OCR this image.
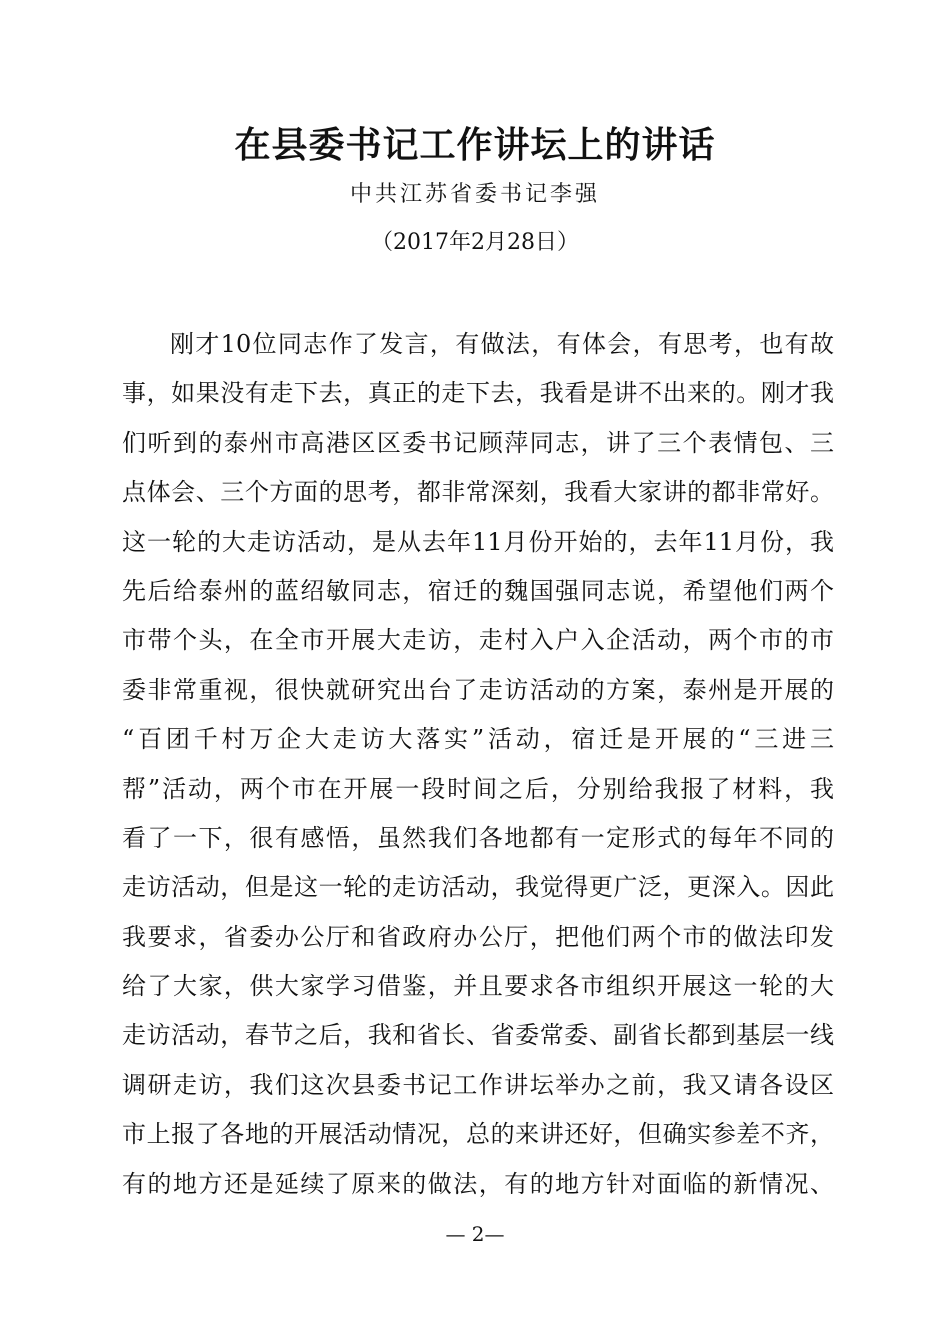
在县委书记工作讲坛上的讲话
中共江苏省委书记李强
（2017年2月28日）
刚才10位同志作了发言，有做法，有体会，有思考，也有故
事，如果没有走下去，真正的走下去，我看是讲不出来的。刚才我
们听到的泰州市高港区区委书记顾萍同志，讲了三个表情包、三
点体会、三个方面的思考，都非常深刻，我看大家讲的都非常好。
这一轮的大走访活动，是从去年11月份开始的，去年11月份，我
先后给泰州的蓝绍敏同志，宿迁的魏国强同志说，希望他们两个
市带个头，在全市开展大走访，走村入户入企活动，两个市的市
委非常重视，很快就研究出台了走访活动的方案，泰州是开展的
“百团千村万企大走访大落实”活动，宿迁是开展的“三进三
帮”活动，两个市在开展一段时间之后，分别给我报了材料，我
看了一下，很有感悟，虽然我们各地都有一定形式的每年不同的
走访活动，但是这一轮的走访活动，我觉得更广泛，更深入。因此
我要求，省委办公厅和省政府办公厅，把他们两个市的做法印发
给了大家，供大家学习借鉴，并且要求各市组织开展这一轮的大
走访活动，春节之后，我和省长、省委常委、副省长都到基层一线
调研走访，我们这次县委书记工作讲坛举办之前，我又请各设区
市上报了各地的开展活动情况，总的来讲还好，但确实参差不齐，
有的地方还是延续了原来的做法，有的地方针对面临的新情况、
— 2—
